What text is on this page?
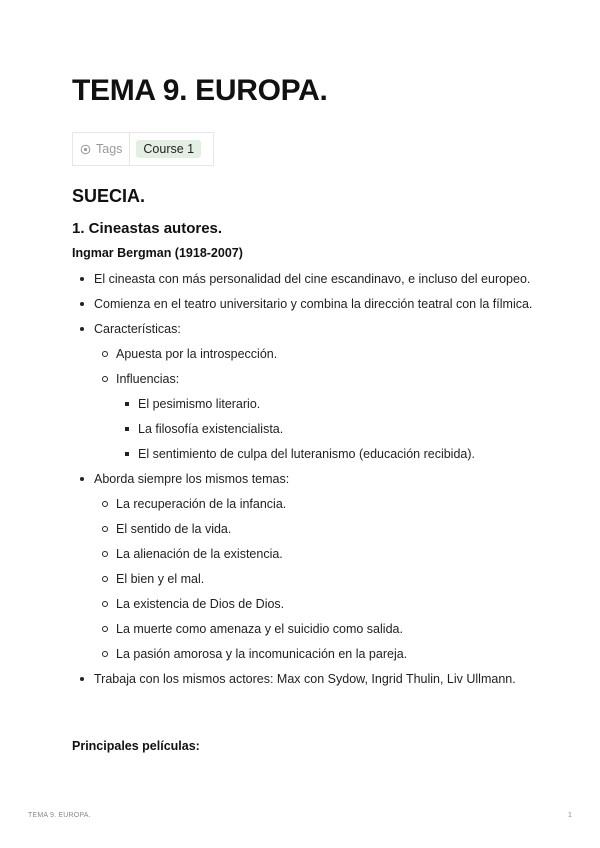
TEMA 9. EUROPA.
Tags	Course 1
SUECIA.
1. Cineastas autores.

Ingmar Bergman (1918-2007)

El cineasta con más personalidad del cine escandinavo, e incluso del europeo.
Comienza en el teatro universitario y combina la dirección teatral con la fílmica.
Características:
Apuesta por la introspección.
Influencias:
El pesimismo literario.
La filosofía existencialista.
El sentimiento de culpa del luteranismo (educación recibida).
Aborda siempre los mismos temas:
La recuperación de la infancia.
El sentido de la vida.
La alienación de la existencia.
El bien y el mal.
La existencia de Dios de Dios.
La muerte como amenaza y el suicidio como salida.
La pasión amorosa y la incomunicación en la pareja.
Trabaja con los mismos actores: Max con Sydow, Ingrid Thulin, Liv Ullmann.

Principales películas:

TEMA 9. EUROPA.	1
